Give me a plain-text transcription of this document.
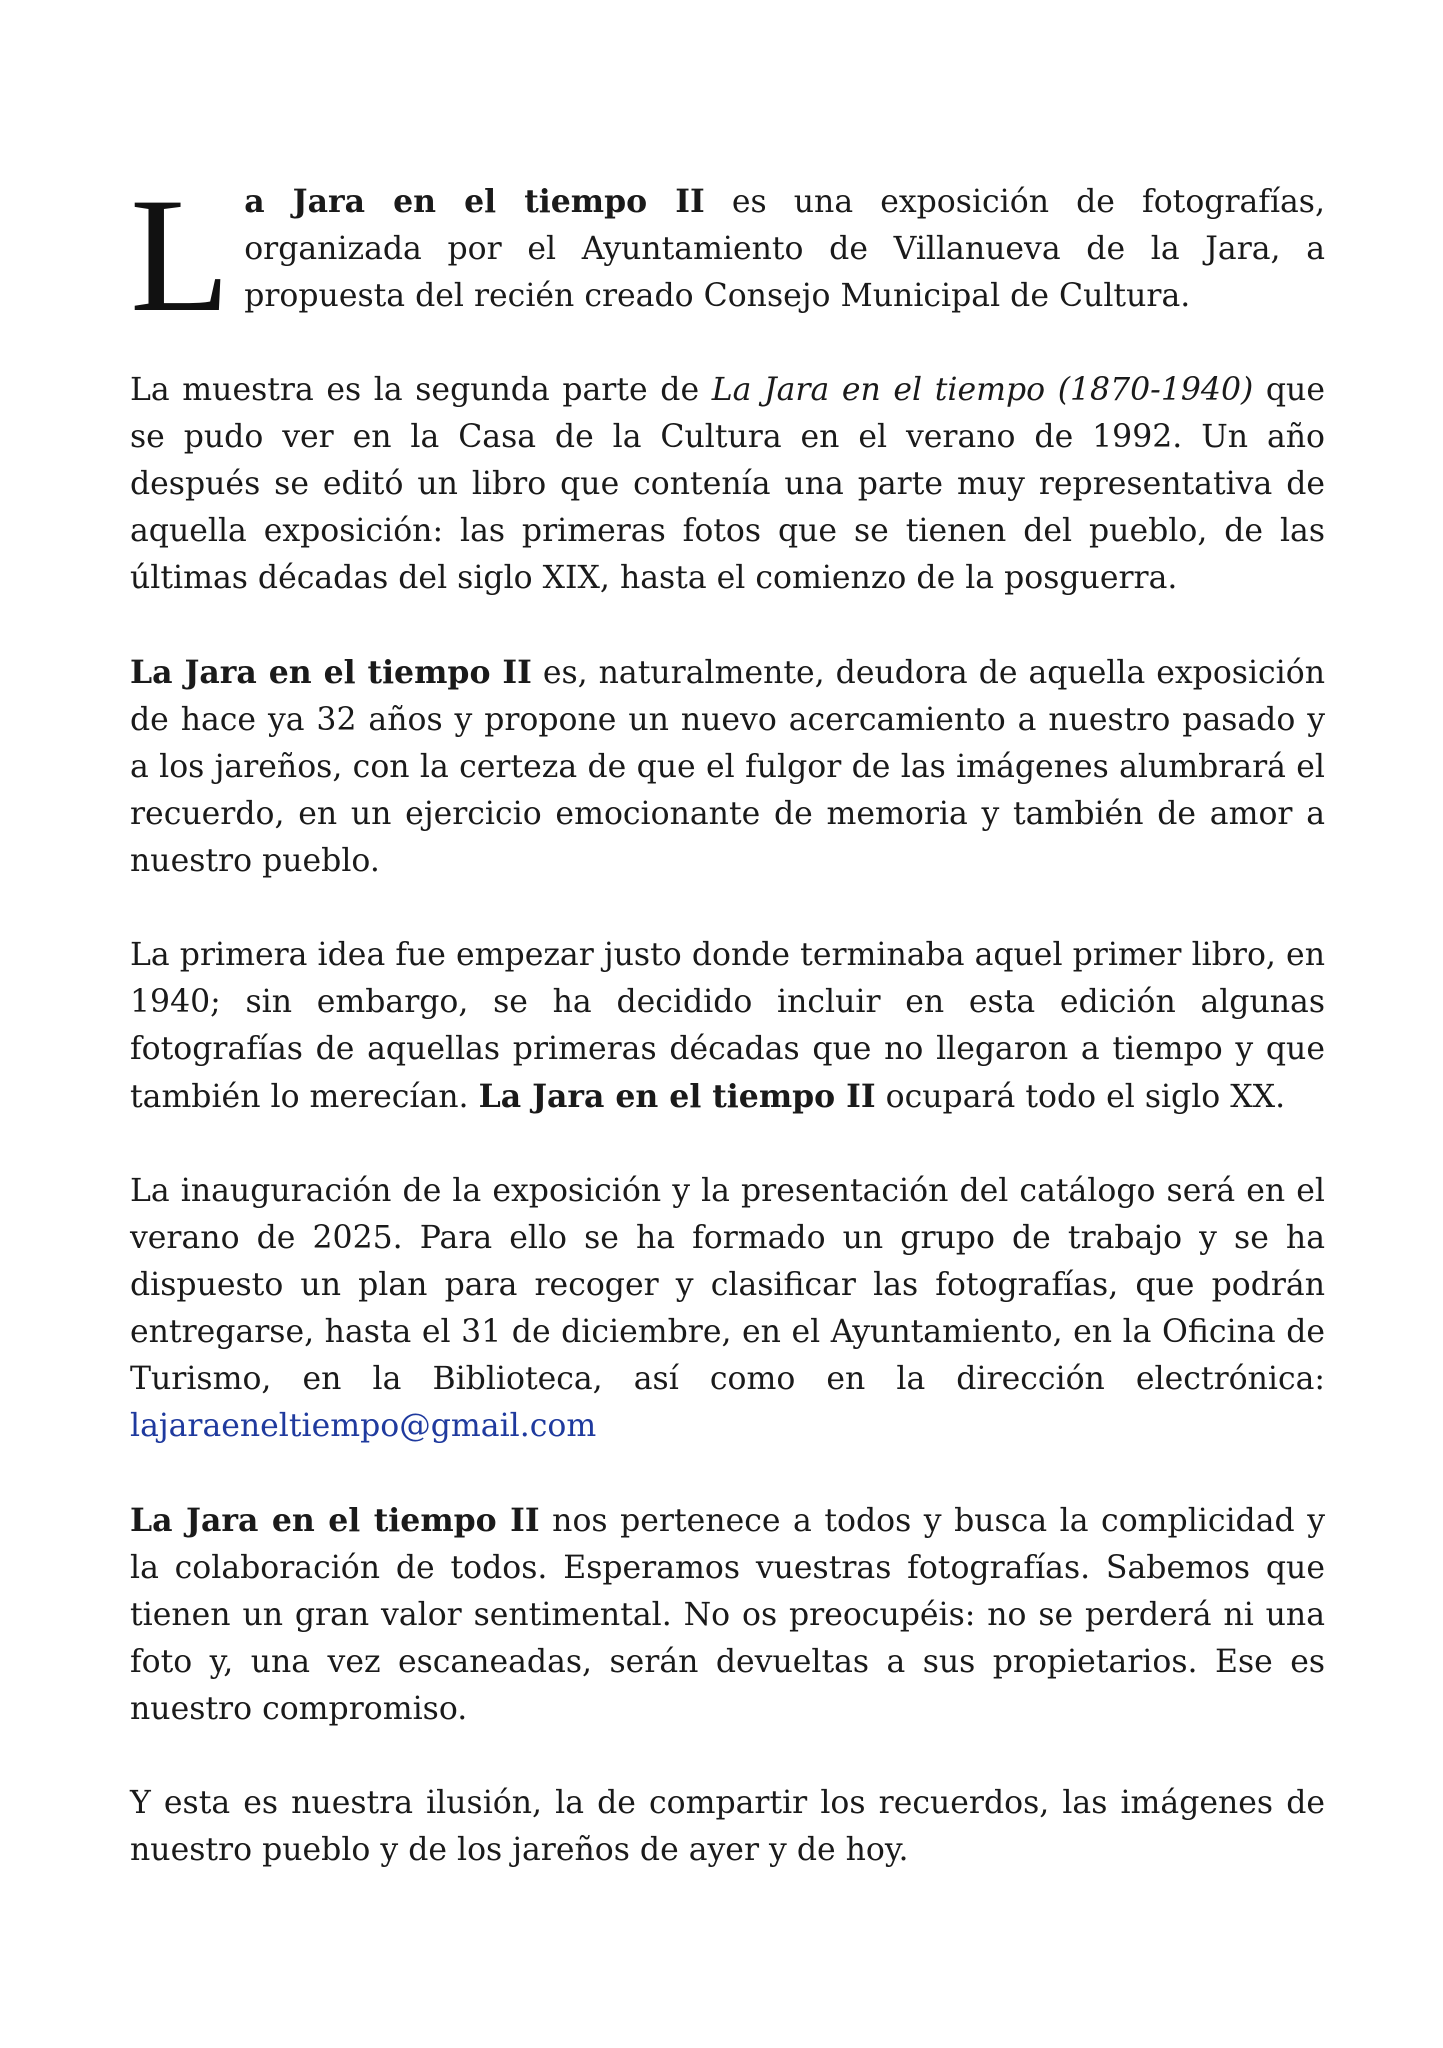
La Jara en el tiempo II es una exposición de fotografías, organizada por el Ayuntamiento de Villanueva de la Jara, a propuesta del recién creado Consejo Municipal de Cultura.

La muestra es la segunda parte de La Jara en el tiempo (1870-1940) que se pudo ver en la Casa de la Cultura en el verano de 1992. Un año después se editó un libro que contenía una parte muy representativa de aquella exposición: las primeras fotos que se tienen del pueblo, de las últimas décadas del siglo XIX, hasta el comienzo de la posguerra.

La Jara en el tiempo II es, naturalmente, deudora de aquella exposición de hace ya 32 años y propone un nuevo acercamiento a nuestro pasado y a los jareños, con la certeza de que el fulgor de las imágenes alumbrará el recuerdo, en un ejercicio emocionante de memoria y también de amor a nuestro pueblo.

La primera idea fue empezar justo donde terminaba aquel primer libro, en 1940; sin embargo, se ha decidido incluir en esta edición algunas fotografías de aquellas primeras décadas que no llegaron a tiempo y que también lo merecían. La Jara en el tiempo II ocupará todo el siglo XX.

La inauguración de la exposición y la presentación del catálogo será en el verano de 2025. Para ello se ha formado un grupo de trabajo y se ha dispuesto un plan para recoger y clasificar las fotografías, que podrán entregarse, hasta el 31 de diciembre, en el Ayuntamiento, en la Oficina de Turismo, en la Biblioteca, así como en la dirección electrónica: lajaraeneltiempo@gmail.com

La Jara en el tiempo II nos pertenece a todos y busca la complicidad y la colaboración de todos. Esperamos vuestras fotografías. Sabemos que tienen un gran valor sentimental. No os preocupéis: no se perderá ni una foto y, una vez escaneadas, serán devueltas a sus propietarios. Ese es nuestro compromiso.

Y esta es nuestra ilusión, la de compartir los recuerdos, las imágenes de nuestro pueblo y de los jareños de ayer y de hoy.
